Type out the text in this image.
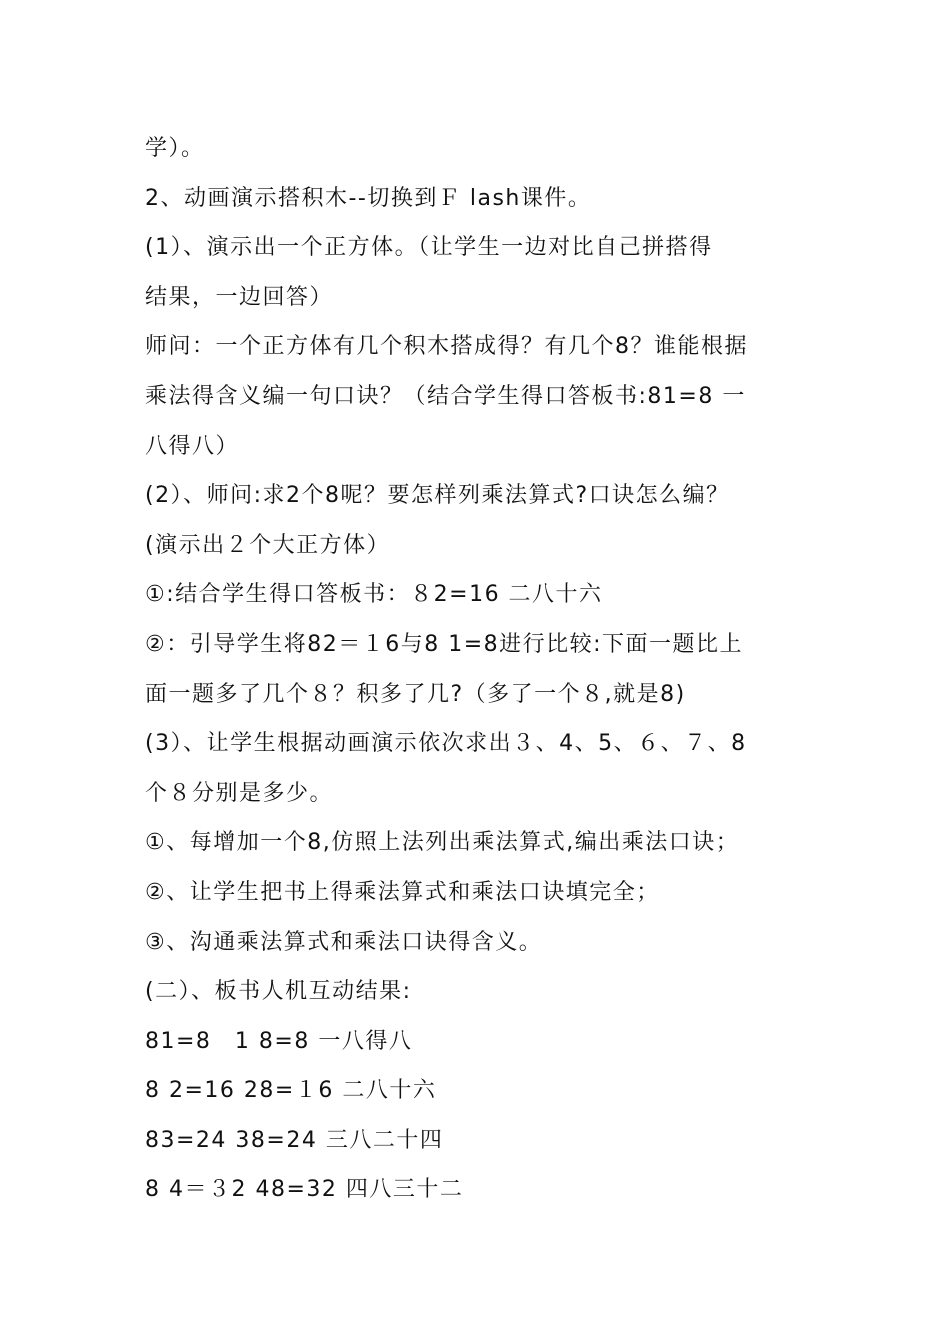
学）。
2、动画演示搭积木--切换到Ｆ lash课件。
(1）、演示出一个正方体。（让学生一边对比自己拼搭得
结果，一边回答）
师问：一个正方体有几个积木搭成得？有几个8？谁能根据
乘法得含义编一句口诀？（结合学生得口答板书:81=8 一
八得八）
(2）、师问:求2个8呢？要怎样列乘法算式?口诀怎么编？
(演示出２个大正方体）
①:结合学生得口答板书：８2=16 二八十六
②：引导学生将82＝１6与8 1=8进行比较:下面一题比上
面一题多了几个８？积多了几?（多了一个８,就是8)
(3）、让学生根据动画演示依次求出３、4、5、６、７、8
个８分别是多少。
①、每增加一个8,仿照上法列出乘法算式,编出乘法口诀；
②、让学生把书上得乘法算式和乘法口诀填完全；
③、沟通乘法算式和乘法口诀得含义。
(二）、板书人机互动结果:
81=8　1 8=8 一八得八
8 2=16 28=１6 二八十六
83=24 38=24 三八二十四
8 4＝３2 48=32 四八三十二
